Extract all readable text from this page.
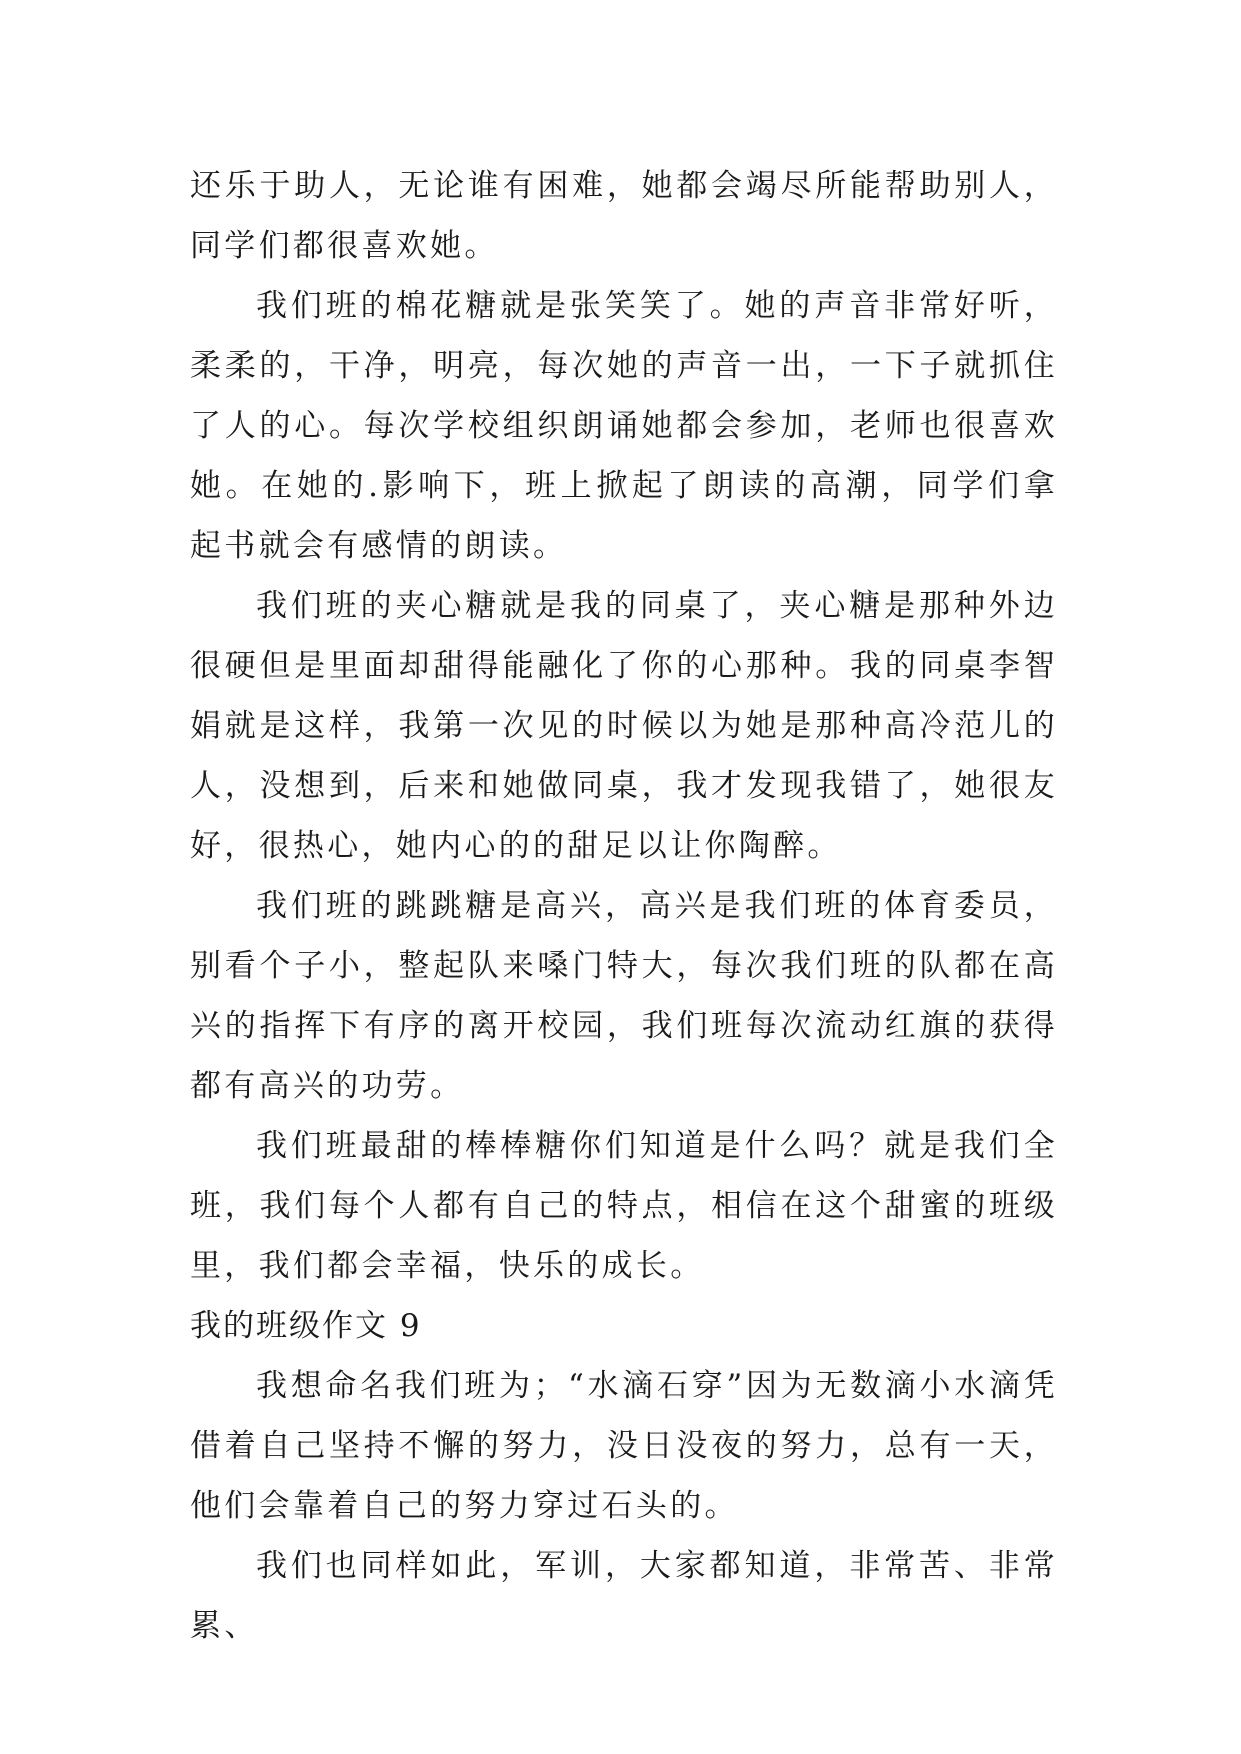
还乐于助人，无论谁有困难，她都会竭尽所能帮助别人，同学们都很喜欢她。

我们班的棉花糖就是张笑笑了。她的声音非常好听，柔柔的，干净，明亮，每次她的声音一出，一下子就抓住了人的心。每次学校组织朗诵她都会参加，老师也很喜欢她。在她的.影响下，班上掀起了朗读的高潮，同学们拿起书就会有感情的朗读。

我们班的夹心糖就是我的同桌了，夹心糖是那种外边很硬但是里面却甜得能融化了你的心那种。我的同桌李智娟就是这样，我第一次见的时候以为她是那种高冷范儿的人，没想到，后来和她做同桌，我才发现我错了，她很友好，很热心，她内心的的甜足以让你陶醉。

我们班的跳跳糖是高兴，高兴是我们班的体育委员，别看个子小，整起队来嗓门特大，每次我们班的队都在高兴的指挥下有序的离开校园，我们班每次流动红旗的获得都有高兴的功劳。

我们班最甜的棒棒糖你们知道是什么吗？就是我们全班，我们每个人都有自己的特点，相信在这个甜蜜的班级里，我们都会幸福，快乐的成长。

我的班级作文 9

我想命名我们班为；“水滴石穿”因为无数滴小水滴凭借着自己坚持不懈的努力，没日没夜的努力，总有一天，他们会靠着自己的努力穿过石头的。

我们也同样如此，军训，大家都知道，非常苦、非常累、
